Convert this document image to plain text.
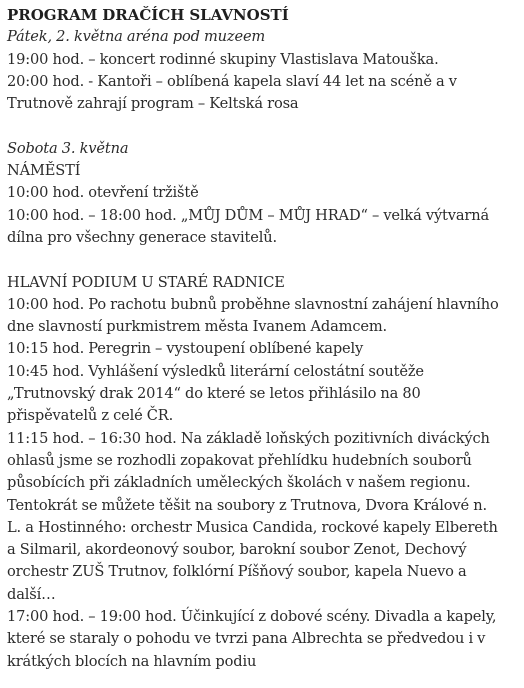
PROGRAM DRAČÍCH SLAVNOSTÍ
Pátek, 2. května aréna pod muzeem
19:00 hod. – koncert rodinné skupiny Vlastislava Matouška.
20:00 hod. - Kantoři – oblíbená kapela slaví 44 let na scéně a v
Trutnově zahrají program – Keltská rosa
Sobota 3. května
NÁMĚSTÍ
10:00 hod. otevření tržiště
10:00 hod. – 18:00 hod. „MŮJ DŮM – MŮJ HRAD“ – velká výtvarná
dílna pro všechny generace stavitelů.
HLAVNÍ PODIUM U STARÉ RADNICE
10:00 hod. Po rachotu bubnů proběhne slavnostní zahájení hlavního
dne slavností purkmistrem města Ivanem Adamcem.
10:15 hod. Peregrin – vystoupení oblíbené kapely
10:45 hod. Vyhlášení výsledků literární celostátní soutěže
„Trutnovský drak 2014“ do které se letos přihlásilo na 80
přispěvatelů z celé ČR.
11:15 hod. – 16:30 hod. Na základě loňských pozitivních diváckých
ohlasů jsme se rozhodli zopakovat přehlídku hudebních souborů
působících při základních uměleckých školách v našem regionu.
Tentokrát se můžete těšit na soubory z Trutnova, Dvora Králové n.
L. a Hostinného: orchestr Musica Candida, rockové kapely Elbereth
a Silmaril, akordeonový soubor, barokní soubor Zenot, Dechový
orchestr ZUŠ Trutnov, folklórní Píšňový soubor, kapela Nuevo a
další…
17:00 hod. – 19:00 hod. Účinkující z dobové scény. Divadla a kapely,
které se staraly o pohodu ve tvrzi pana Albrechta se předvedou i v
krátkých blocích na hlavním podiu
